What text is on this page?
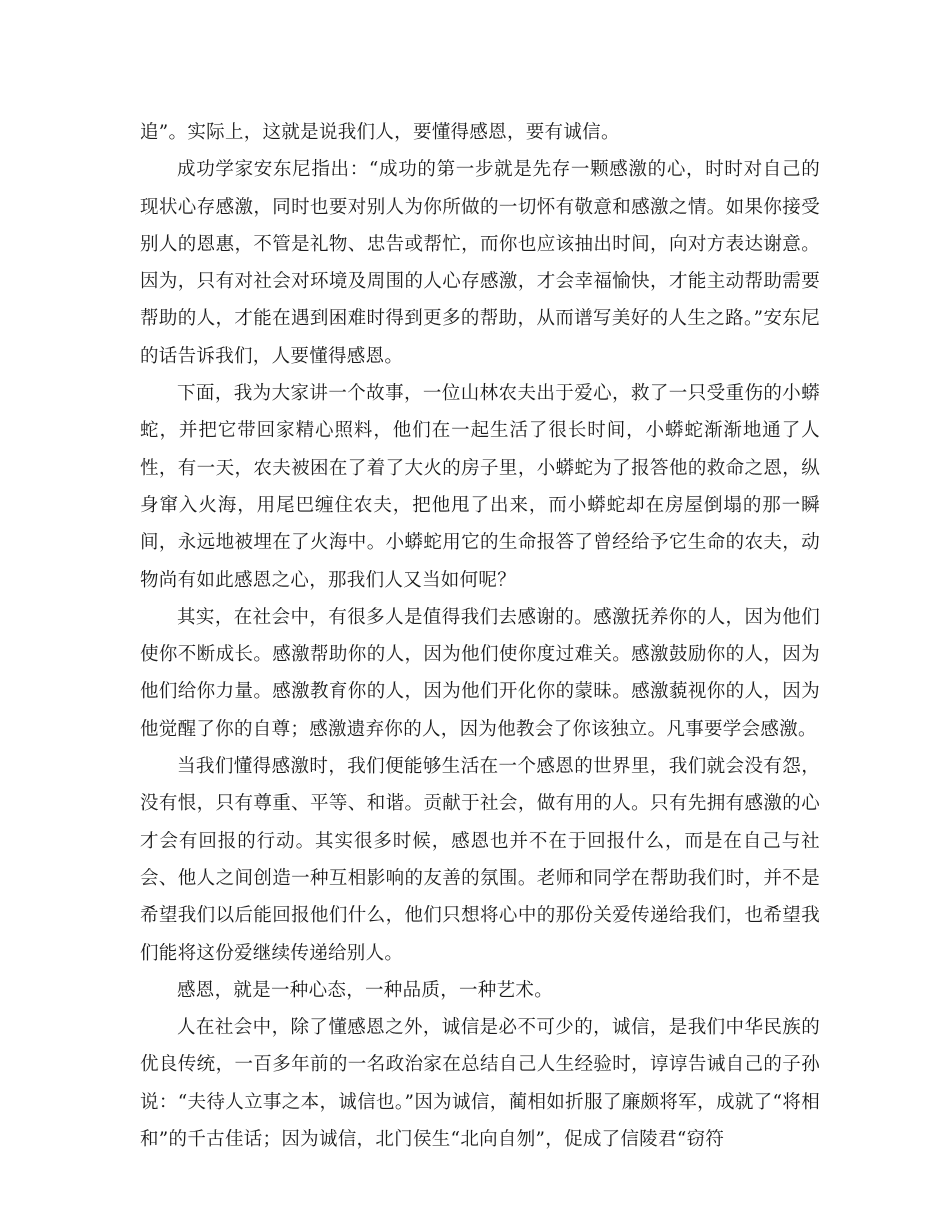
追”。实际上，这就是说我们人，要懂得感恩，要有诚信。

成功学家安东尼指出：“成功的第一步就是先存一颗感激的心，时时对自己的现状心存感激，同时也要对别人为你所做的一切怀有敬意和感激之情。如果你接受别人的恩惠，不管是礼物、忠告或帮忙，而你也应该抽出时间，向对方表达谢意。因为，只有对社会对环境及周围的人心存感激，才会幸福愉快，才能主动帮助需要帮助的人，才能在遇到困难时得到更多的帮助，从而谱写美好的人生之路。”安东尼的话告诉我们，人要懂得感恩。

下面，我为大家讲一个故事，一位山林农夫出于爱心，救了一只受重伤的小蟒蛇，并把它带回家精心照料，他们在一起生活了很长时间，小蟒蛇渐渐地通了人性，有一天，农夫被困在了着了大火的房子里，小蟒蛇为了报答他的救命之恩，纵身窜入火海，用尾巴缠住农夫，把他甩了出来，而小蟒蛇却在房屋倒塌的那一瞬间，永远地被埋在了火海中。小蟒蛇用它的生命报答了曾经给予它生命的农夫，动物尚有如此感恩之心，那我们人又当如何呢？

其实，在社会中，有很多人是值得我们去感谢的。感激抚养你的人，因为他们使你不断成长。感激帮助你的人，因为他们使你度过难关。感激鼓励你的人，因为他们给你力量。感激教育你的人，因为他们开化你的蒙昧。感激藐视你的人，因为他觉醒了你的自尊；感激遗弃你的人，因为他教会了你该独立。凡事要学会感激。

当我们懂得感激时，我们便能够生活在一个感恩的世界里，我们就会没有怨，没有恨，只有尊重、平等、和谐。贡献于社会，做有用的人。只有先拥有感激的心才会有回报的行动。其实很多时候，感恩也并不在于回报什么，而是在自己与社会、他人之间创造一种互相影响的友善的氛围。老师和同学在帮助我们时，并不是希望我们以后能回报他们什么，他们只想将心中的那份关爱传递给我们，也希望我们能将这份爱继续传递给别人。

感恩，就是一种心态，一种品质，一种艺术。

人在社会中，除了懂感恩之外，诚信是必不可少的，诚信，是我们中华民族的优良传统，一百多年前的一名政治家在总结自己人生经验时，谆谆告诫自己的子孙说：“夫待人立事之本，诚信也。”因为诚信，蔺相如折服了廉颇将军，成就了“将相和”的千古佳话；因为诚信，北门侯生“北向自刎”，促成了信陵君“窃符
